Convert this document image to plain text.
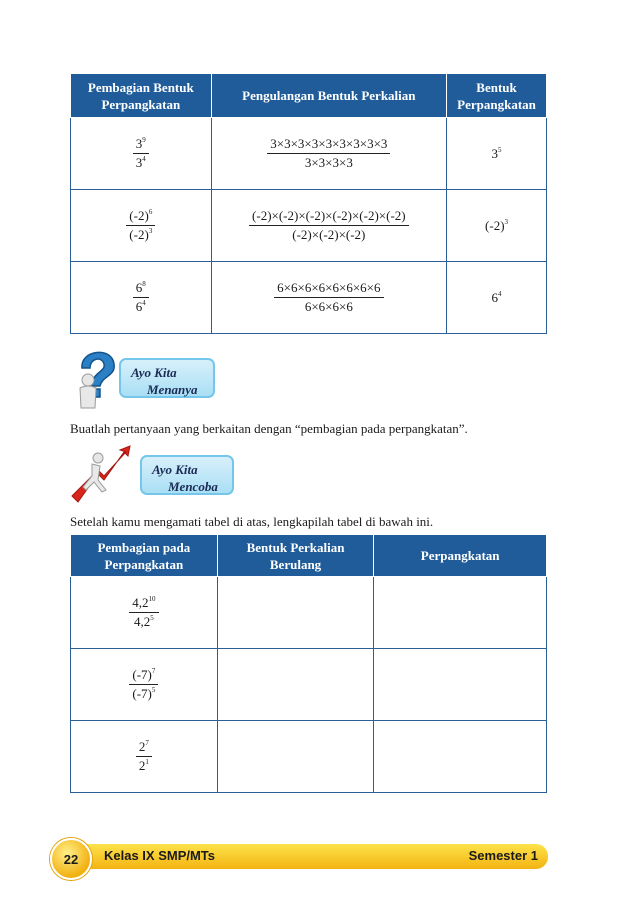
Pembagian Bentuk Perpangkatan	Pengulangan Bentuk Perkalian	Bentuk Perpangkatan

$\frac{3^9}{3^4}$	$\frac{3\times 3\times 3\times 3\times 3\times 3\times 3\times 3\times 3}{3\times 3\times 3\times 3}$	$3^5$

$\frac{(-2)^6}{(-2)^3}$	$\frac{(-2)\times(-2)\times(-2)\times(-2)\times(-2)\times(-2)}{(-2)\times(-2)\times(-2)}$	$(-2)^3$

$\frac{6^8}{6^4}$	$\frac{6\times 6\times 6\times 6\times 6\times 6\times 6\times 6}{6\times 6\times 6\times 6}$	$6^4$
Ayo Kita
Menanya
Buatlah pertanyaan yang berkaitan dengan “pembagian pada perpangkatan”.
Ayo Kita
Mencoba
Setelah kamu mengamati tabel di atas, lengkapilah tabel di bawah ini.
Pembagian pada Perpangkatan	Bentuk Perkalian Berulang	Perpangkatan

$\frac{4,2^{10}}{4,2^5}$

$\frac{(-7)^7}{(-7)^5}$

$\frac{2^7}{2^1}$

22	Kelas IX SMP/MTs	Semester 1
